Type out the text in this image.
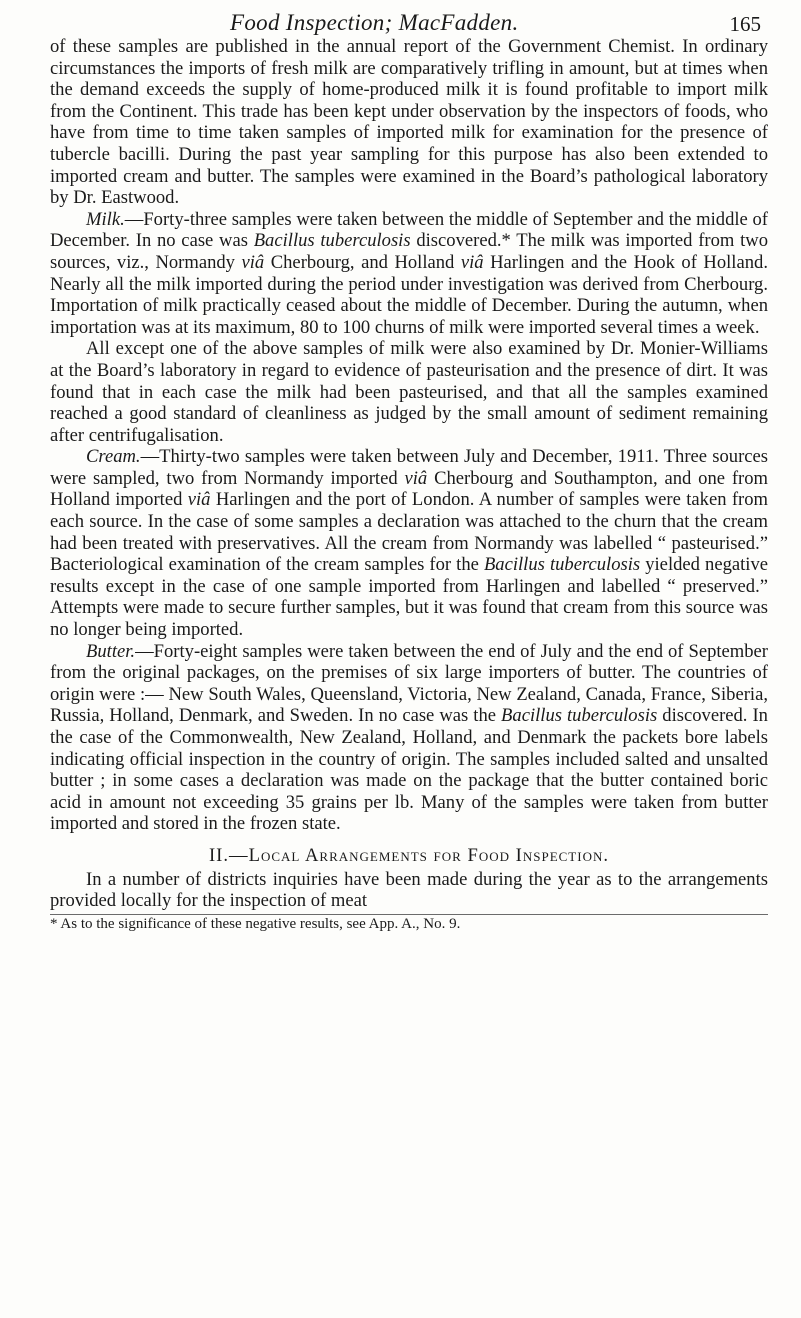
Food Inspection; MacFadden.	165

of these samples are published in the annual report of the Government Chemist. In ordinary circumstances the imports of fresh milk are comparatively trifling in amount, but at times when the demand exceeds the supply of home-produced milk it is found profitable to import milk from the Continent. This trade has been kept under observation by the inspectors of foods, who have from time to time taken samples of imported milk for examination for the presence of tubercle bacilli. During the past year sampling for this purpose has also been extended to imported cream and butter. The samples were examined in the Board’s pathological laboratory by Dr. Eastwood.

Milk.—Forty-three samples were taken between the middle of September and the middle of December. In no case was Bacillus tuberculosis discovered.* The milk was imported from two sources, viz., Normandy viâ Cherbourg, and Holland viâ Harlingen and the Hook of Holland. Nearly all the milk imported during the period under investigation was derived from Cherbourg. Importation of milk practically ceased about the middle of December. During the autumn, when importation was at its maximum, 80 to 100 churns of milk were imported several times a week.

All except one of the above samples of milk were also examined by Dr. Monier-Williams at the Board’s laboratory in regard to evidence of pasteurisation and the presence of dirt. It was found that in each case the milk had been pasteurised, and that all the samples examined reached a good standard of cleanliness as judged by the small amount of sediment remaining after centrifugalisation.

Cream.—Thirty-two samples were taken between July and December, 1911. Three sources were sampled, two from Normandy imported viâ Cherbourg and Southampton, and one from Holland imported viâ Harlingen and the port of London. A number of samples were taken from each source. In the case of some samples a declaration was attached to the churn that the cream had been treated with preservatives. All the cream from Normandy was labelled “ pasteurised.” Bacteriological examination of the cream samples for the Bacillus tuberculosis yielded negative results except in the case of one sample imported from Harlingen and labelled “ preserved.” Attempts were made to secure further samples, but it was found that cream from this source was no longer being imported.

Butter.—Forty-eight samples were taken between the end of July and the end of September from the original packages, on the premises of six large importers of butter. The countries of origin were :— New South Wales, Queensland, Victoria, New Zealand, Canada, France, Siberia, Russia, Holland, Denmark, and Sweden. In no case was the Bacillus tuberculosis discovered. In the case of the Commonwealth, New Zealand, Holland, and Denmark the packets bore labels indicating official inspection in the country of origin. The samples included salted and unsalted butter ; in some cases a declaration was made on the package that the butter contained boric acid in amount not exceeding 35 grains per lb. Many of the samples were taken from butter imported and stored in the frozen state.

II.—Local Arrangements for Food Inspection.

In a number of districts inquiries have been made during the year as to the arrangements provided locally for the inspection of meat

* As to the significance of these negative results, see App. A., No. 9.
